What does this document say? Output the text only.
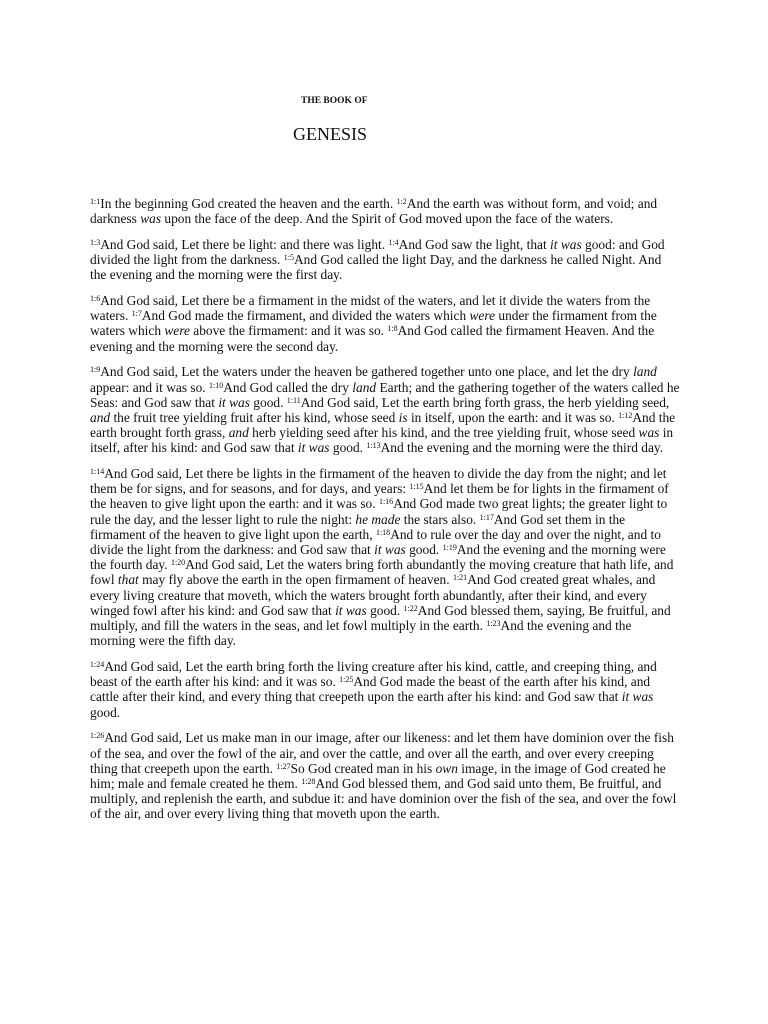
THE BOOK OF
GENESIS

$^{1:1}$In the beginning God created the heaven and the earth. $^{1:2}$And the earth was without form, and void; and darkness was upon the face of the deep. And the Spirit of God moved upon the face of the waters.

$^{1:3}$And God said, Let there be light: and there was light. $^{1:4}$And God saw the light, that it was good: and God divided the light from the darkness. $^{1:5}$And God called the light Day, and the darkness he called Night. And the evening and the morning were the first day.

$^{1:6}$And God said, Let there be a firmament in the midst of the waters, and let it divide the waters from the waters. $^{1:7}$And God made the firmament, and divided the waters which were under the firmament from the waters which were above the firmament: and it was so. $^{1:8}$And God called the firmament Heaven. And the evening and the morning were the second day.

$^{1:9}$And God said, Let the waters under the heaven be gathered together unto one place, and let the dry land appear: and it was so. $^{1:10}$And God called the dry land Earth; and the gathering together of the waters called he Seas: and God saw that it was good. $^{1:11}$And God said, Let the earth bring forth grass, the herb yielding seed, and the fruit tree yielding fruit after his kind, whose seed is in itself, upon the earth: and it was so. $^{1:12}$And the earth brought forth grass, and herb yielding seed after his kind, and the tree yielding fruit, whose seed was in itself, after his kind: and God saw that it was good. $^{1:13}$And the evening and the morning were the third day.

$^{1:14}$And God said, Let there be lights in the firmament of the heaven to divide the day from the night; and let them be for signs, and for seasons, and for days, and years: $^{1:15}$And let them be for lights in the firmament of the heaven to give light upon the earth: and it was so. $^{1:16}$And God made two great lights; the greater light to rule the day, and the lesser light to rule the night: he made the stars also. $^{1:17}$And God set them in the firmament of the heaven to give light upon the earth, $^{1:18}$And to rule over the day and over the night, and to divide the light from the darkness: and God saw that it was good. $^{1:19}$And the evening and the morning were the fourth day. $^{1:20}$And God said, Let the waters bring forth abundantly the moving creature that hath life, and fowl that may fly above the earth in the open firmament of heaven. $^{1:21}$And God created great whales, and every living creature that moveth, which the waters brought forth abundantly, after their kind, and every winged fowl after his kind: and God saw that it was good. $^{1:22}$And God blessed them, saying, Be fruitful, and multiply, and fill the waters in the seas, and let fowl multiply in the earth. $^{1:23}$And the evening and the morning were the fifth day.

$^{1:24}$And God said, Let the earth bring forth the living creature after his kind, cattle, and creeping thing, and beast of the earth after his kind: and it was so. $^{1:25}$And God made the beast of the earth after his kind, and cattle after their kind, and every thing that creepeth upon the earth after his kind: and God saw that it was good.

$^{1:26}$And God said, Let us make man in our image, after our likeness: and let them have dominion over the fish of the sea, and over the fowl of the air, and over the cattle, and over all the earth, and over every creeping thing that creepeth upon the earth. $^{1:27}$So God created man in his own image, in the image of God created he him; male and female created he them. $^{1:28}$And God blessed them, and God said unto them, Be fruitful, and multiply, and replenish the earth, and subdue it: and have dominion over the fish of the sea, and over the fowl of the air, and over every living thing that moveth upon the earth.
